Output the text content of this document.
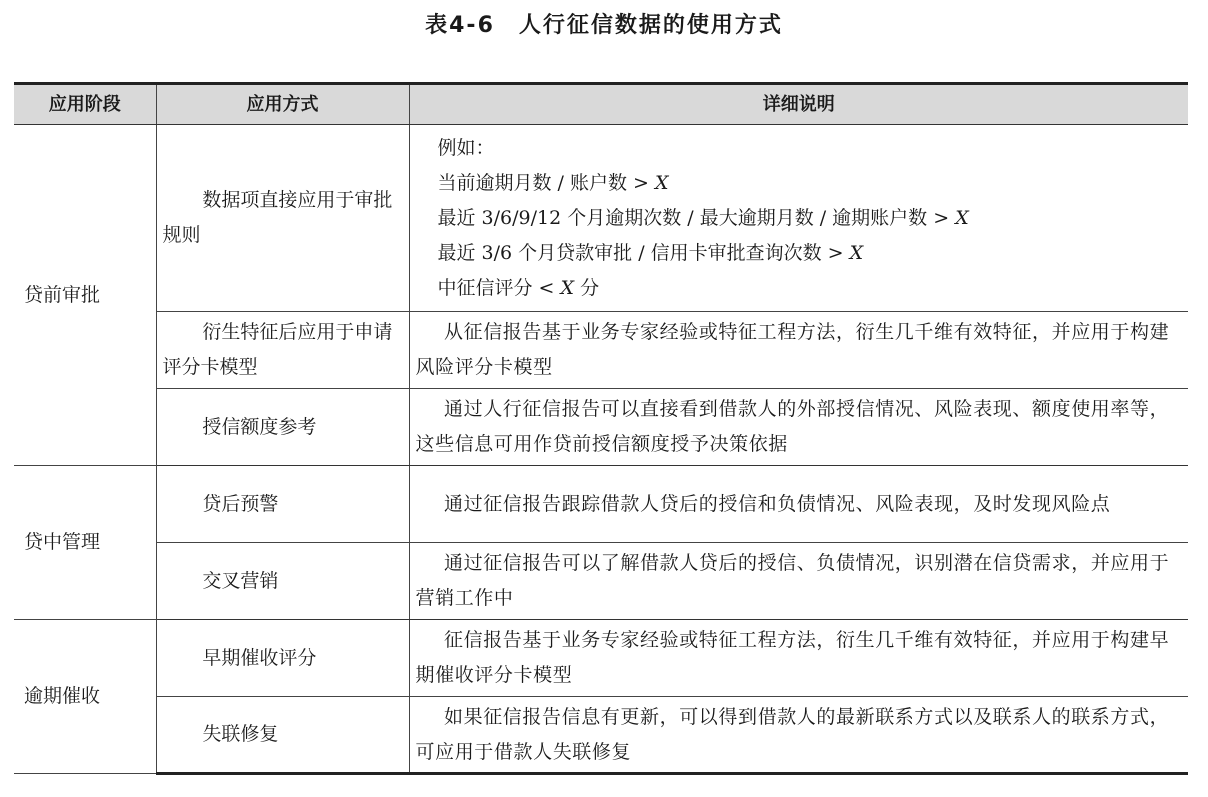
表4-6　人行征信数据的使用方式
应用阶段	应用方式	详细说明
贷前审批	数据项直接应用于审批规则	例如：
当前逾期月数 / 账户数 > X
最近 3/6/9/12 个月逾期次数 / 最大逾期月数 / 逾期账户数 > X
最近 3/6 个月贷款审批 / 信用卡审批查询次数 > X
中征信评分 < X 分

	衍生特征后应用于申请评分卡模型	从征信报告基于业务专家经验或特征工程方法，衍生几千维有效特征，并应用于构建风险评分卡模型

	授信额度参考	通过人行征信报告可以直接看到借款人的外部授信情况、风险表现、额度使用率等，这些信息可用作贷前授信额度授予决策依据

贷中管理	贷后预警	通过征信报告跟踪借款人贷后的授信和负债情况、风险表现，及时发现风险点

	交叉营销	通过征信报告可以了解借款人贷后的授信、负债情况，识别潜在信贷需求，并应用于营销工作中

逾期催收	早期催收评分	征信报告基于业务专家经验或特征工程方法，衍生几千维有效特征，并应用于构建早期催收评分卡模型

	失联修复	如果征信报告信息有更新，可以得到借款人的最新联系方式以及联系人的联系方式，可应用于借款人失联修复
